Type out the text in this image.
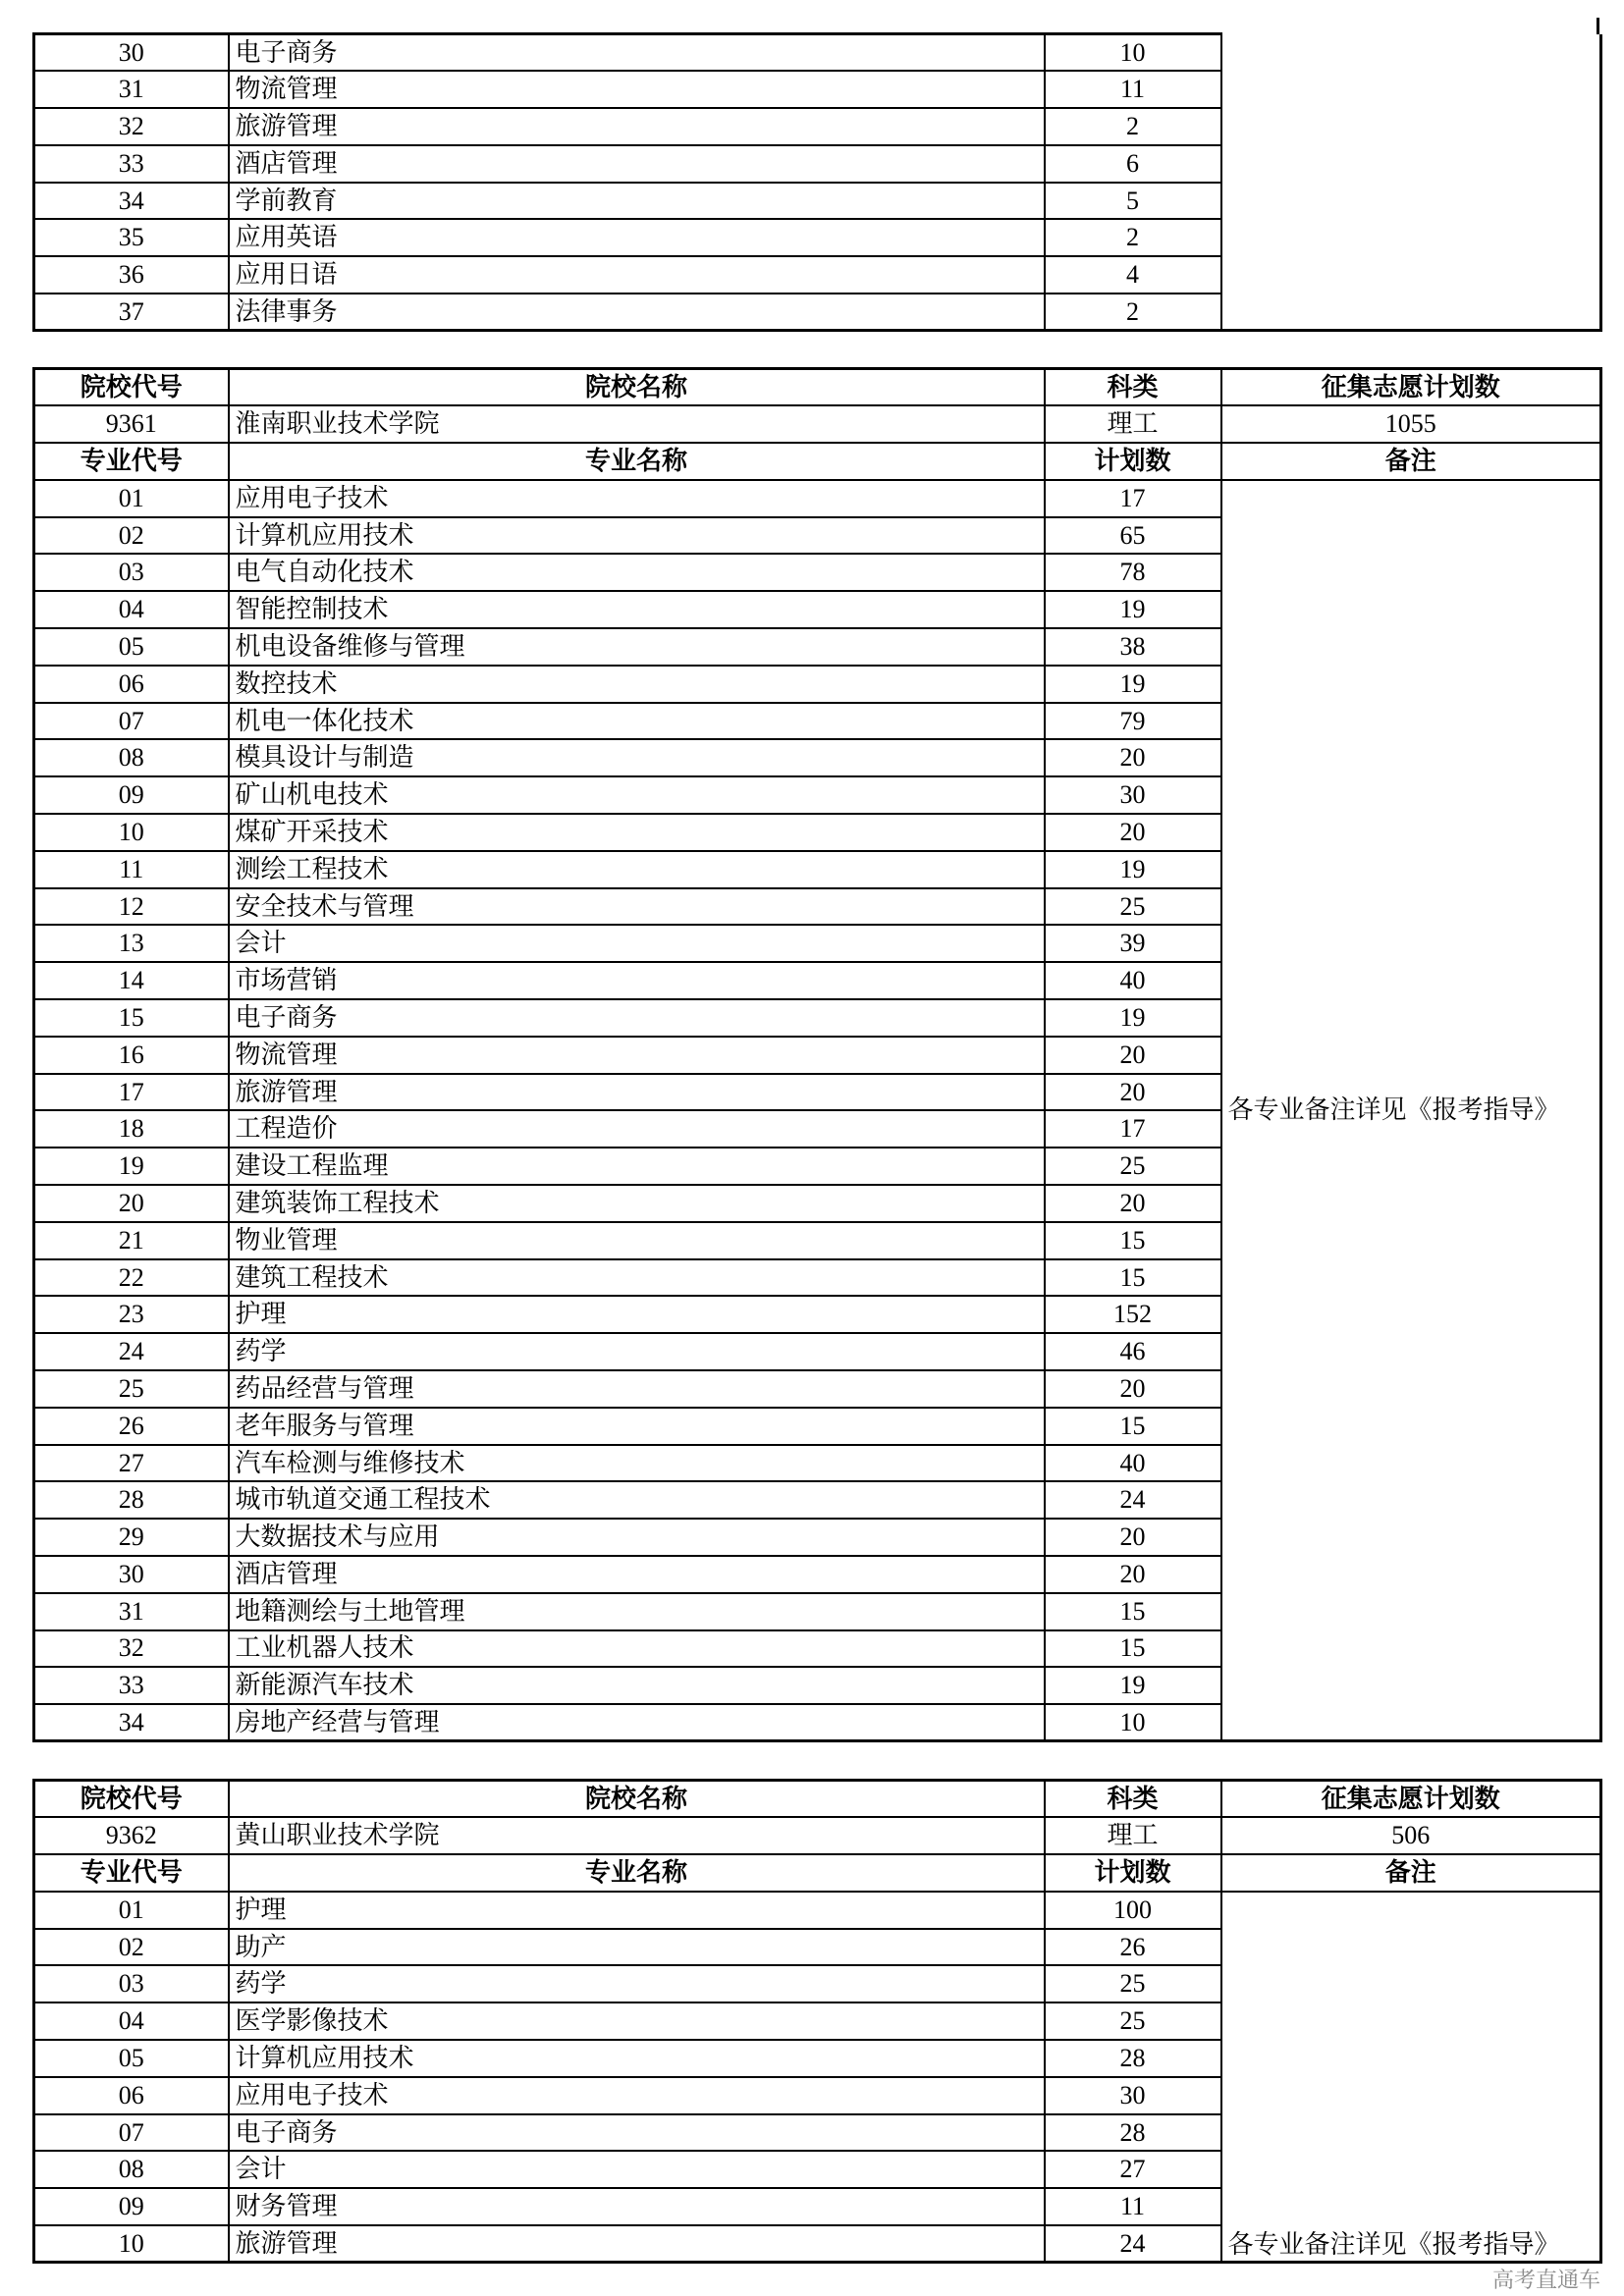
30	电子商务	10	
31	物流管理	11	
32	旅游管理	2	
33	酒店管理	6	
34	学前教育	5	
35	应用英语	2	
36	应用日语	4	
37	法律事务	2	
院校代号	院校名称	科类	征集志愿计划数
9361	淮南职业技术学院	理工	1055
专业代号	专业名称	计划数	备注
01	应用电子技术	17	各专业备注详见《报考指导》
02	计算机应用技术	65	
03	电气自动化技术	78	
04	智能控制技术	19	
05	机电设备维修与管理	38	
06	数控技术	19	
07	机电一体化技术	79	
08	模具设计与制造	20	
09	矿山机电技术	30	
10	煤矿开采技术	20	
11	测绘工程技术	19	
12	安全技术与管理	25	
13	会计	39	
14	市场营销	40	
15	电子商务	19	
16	物流管理	20	
17	旅游管理	20	
18	工程造价	17	
19	建设工程监理	25	
20	建筑装饰工程技术	20	
21	物业管理	15	
22	建筑工程技术	15	
23	护理	152	
24	药学	46	
25	药品经营与管理	20	
26	老年服务与管理	15	
27	汽车检测与维修技术	40	
28	城市轨道交通工程技术	24	
29	大数据技术与应用	20	
30	酒店管理	20	
31	地籍测绘与土地管理	15	
32	工业机器人技术	15	
33	新能源汽车技术	19	
34	房地产经营与管理	10	
院校代号	院校名称	科类	征集志愿计划数
9362	黄山职业技术学院	理工	506
专业代号	专业名称	计划数	备注
01	护理	100	各专业备注详见《报考指导》
02	助产	26	
03	药学	25	
04	医学影像技术	25	
05	计算机应用技术	28	
06	应用电子技术	30	
07	电子商务	28	
08	会计	27	
09	财务管理	11	
10	旅游管理	24	
高考直通车
